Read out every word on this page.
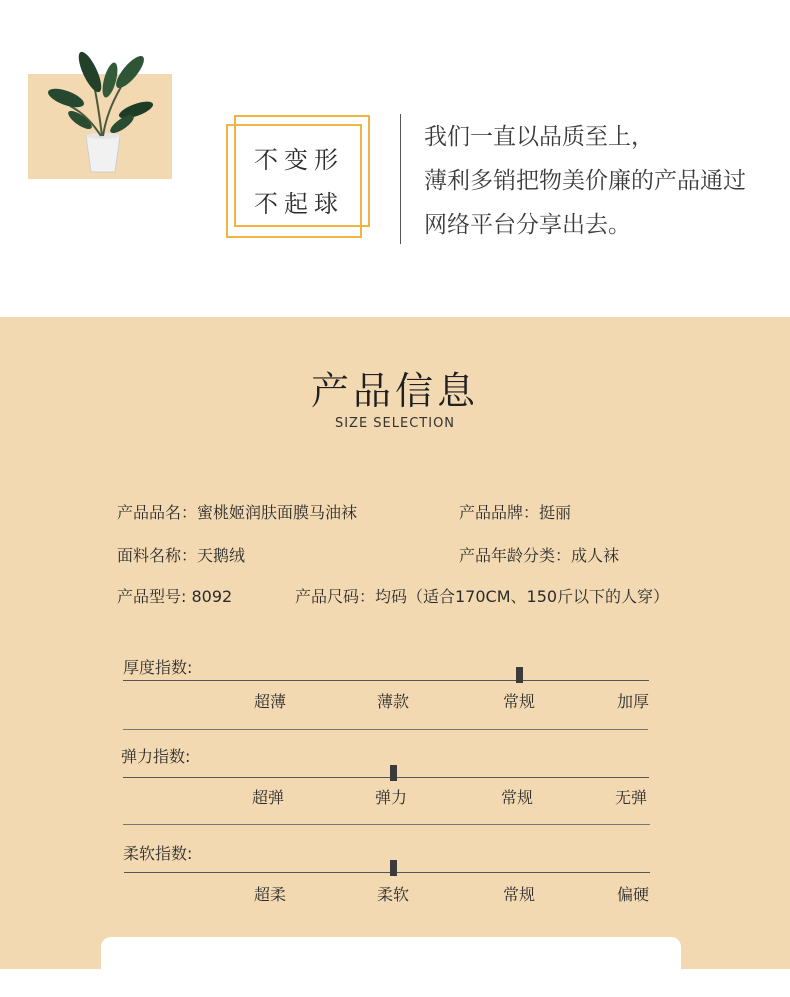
不变形
不起球
我们一直以品质至上，
薄利多销把物美价廉的产品通过
网络平台分享出去。
产品信息
SIZE SELECTION
产品品名：蜜桃姬润肤面膜马油袜	产品品牌：挺丽
面料名称：天鹅绒	产品年龄分类：成人袜
产品型号: 8092	产品尺码：均码（适合170CM、150斤以下的人穿）
厚度指数:
超薄	薄款	常规	加厚
弹力指数:
超弹	弹力	常规	无弹
柔软指数:
超柔	柔软	常规	偏硬
